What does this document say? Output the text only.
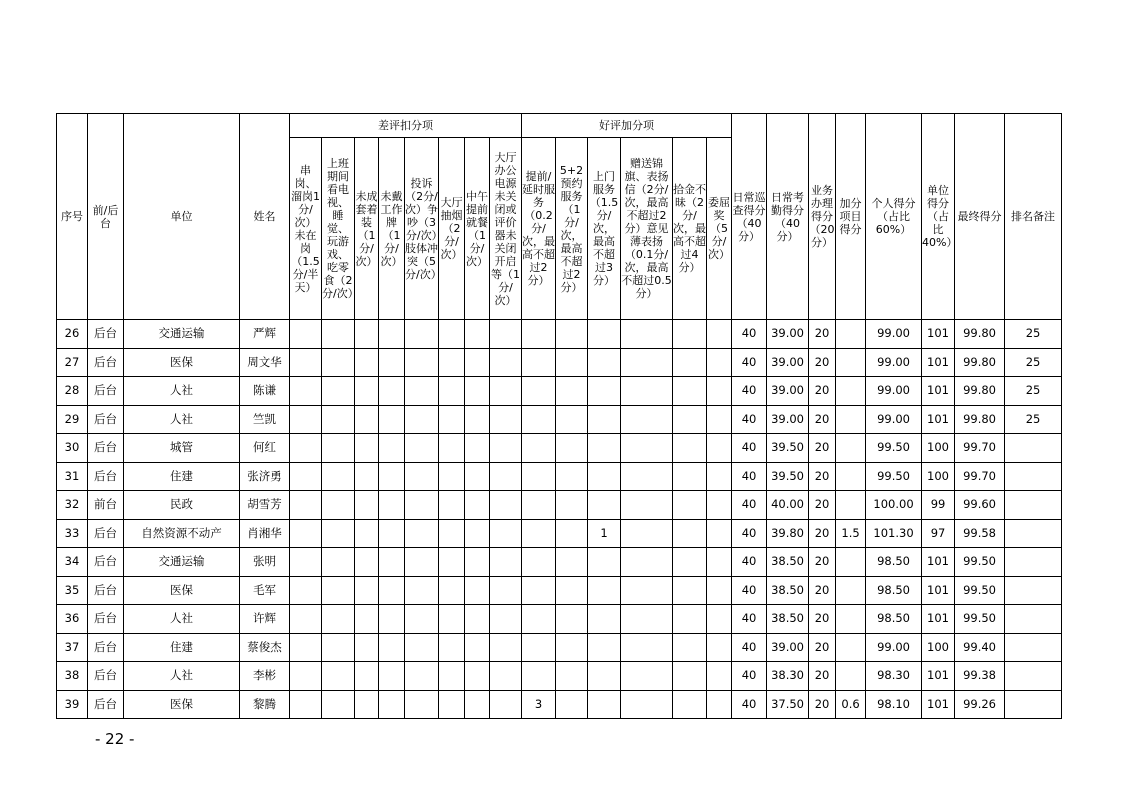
序号	前/后台	单位	姓名	差评扣分项								好评加分项						日常巡查得分（40分）	日常考勤得分（40分）	业务办理得分（20分）	加分项目得分	个人得分（占比60%）	单位得分（占比40%）	最终得分	排名备注
				串岗、溜岗1分/次）未在岗（1.5分/半天）	上班期间看电视、睡觉、玩游戏、吃零食（2分/次）	未成套着装（1分/次）	未戴工作牌（1分/次）	投诉（2分/次）争吵（3分/次）肢体冲突（5分/次）	大厅抽烟（2分/次）	中午提前就餐（1分/次）	大厅办公电源未关闭或评价器未关闭开启等（1分/次）	提前/延时服务（0.2分/次，最高不超过2分）	5+2预约服务（1分/次，最高不超过2分）	上门服务（1.5分/次，最高不超过3分）	赠送锦旗、表扬信（2分/次，最高不超过2分）意见薄表扬（0.1分/次，最高不超过0.5分）	拾金不昧（2分/次，最高不超过4分）	委屈奖（5分/次）								
26	后台	交通运输	严辉															40	39.00	20		99.00	101	99.80	25
27	后台	医保	周文华															40	39.00	20		99.00	101	99.80	25
28	后台	人社	陈谦															40	39.00	20		99.00	101	99.80	25
29	后台	人社	竺凯															40	39.00	20		99.00	101	99.80	25
30	后台	城管	何红															40	39.50	20		99.50	100	99.70	
31	后台	住建	张济勇															40	39.50	20		99.50	100	99.70	
32	前台	民政	胡雪芳															40	40.00	20		100.00	99	99.60	
33	后台	自然资源不动产	肖湘华											1				40	39.80	20	1.5	101.30	97	99.58	
34	后台	交通运输	张明															40	38.50	20		98.50	101	99.50	
35	后台	医保	毛军															40	38.50	20		98.50	101	99.50	
36	后台	人社	许辉															40	38.50	20		98.50	101	99.50	
37	后台	住建	蔡俊杰															40	39.00	20		99.00	100	99.40	
38	后台	人社	李彬															40	38.30	20		98.30	101	99.38	
39	后台	医保	黎腾									3						40	37.50	20	0.6	98.10	101	99.26	
- 22 -
